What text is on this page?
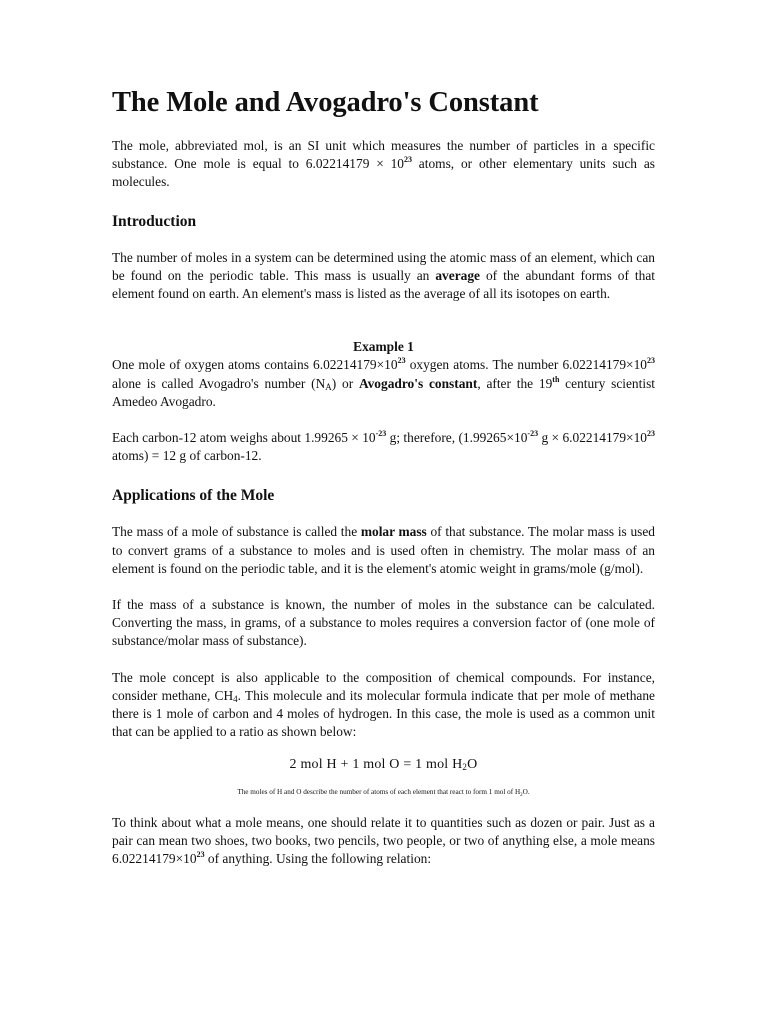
The Mole and Avogadro's Constant

The mole, abbreviated mol, is an SI unit which measures the number of particles in a specific substance. One mole is equal to $6.02214179 \times 10^{23}$ atoms, or other elementary units such as molecules.

Introduction

The number of moles in a system can be determined using the atomic mass of an element, which can be found on the periodic table. This mass is usually an average of the abundant forms of that element found on earth. An element's mass is listed as the average of all its isotopes on earth.

Example 1

One mole of oxygen atoms contains $6.02214179\times 10^{23}$ oxygen atoms. The number $6.02214179\times 10^{23}$ alone is called Avogadro's number $(N_A)$ or Avogadro's constant, after the 19th century scientist Amedeo Avogadro.

Each carbon-12 atom weighs about $1.99265 \times 10^{-23}$ g; therefore, ($1.99265\times 10^{-23}$ $g \times 6.02214179\times 10^{23}$ atoms) = 12 g of carbon-12.

Applications of the Mole

The mass of a mole of substance is called the molar mass of that substance. The molar mass is used to convert grams of a substance to moles and is used often in chemistry. The molar mass of an element is found on the periodic table, and it is the element's atomic weight in grams/mole (g/mol).

If the mass of a substance is known, the number of moles in the substance can be calculated. Converting the mass, in grams, of a substance to moles requires a conversion factor of (one mole of substance/molar mass of substance).

The mole concept is also applicable to the composition of chemical compounds. For instance, consider methane, $CH_4$. This molecule and its molecular formula indicate that per mole of methane there is 1 mole of carbon and 4 moles of hydrogen. In this case, the mole is used as a common unit that can be applied to a ratio as shown below:

2 mol H + 1 mol O = 1 mol $H_2O$
The moles of H and O describe the number of atoms of each element that react to form 1 mol of $H_2O$.

To think about what a mole means, one should relate it to quantities such as dozen or pair. Just as a pair can mean two shoes, two books, two pencils, two people, or two of anything else, a mole means $6.02214179\times 10^{23}$ of anything. Using the following relation:
